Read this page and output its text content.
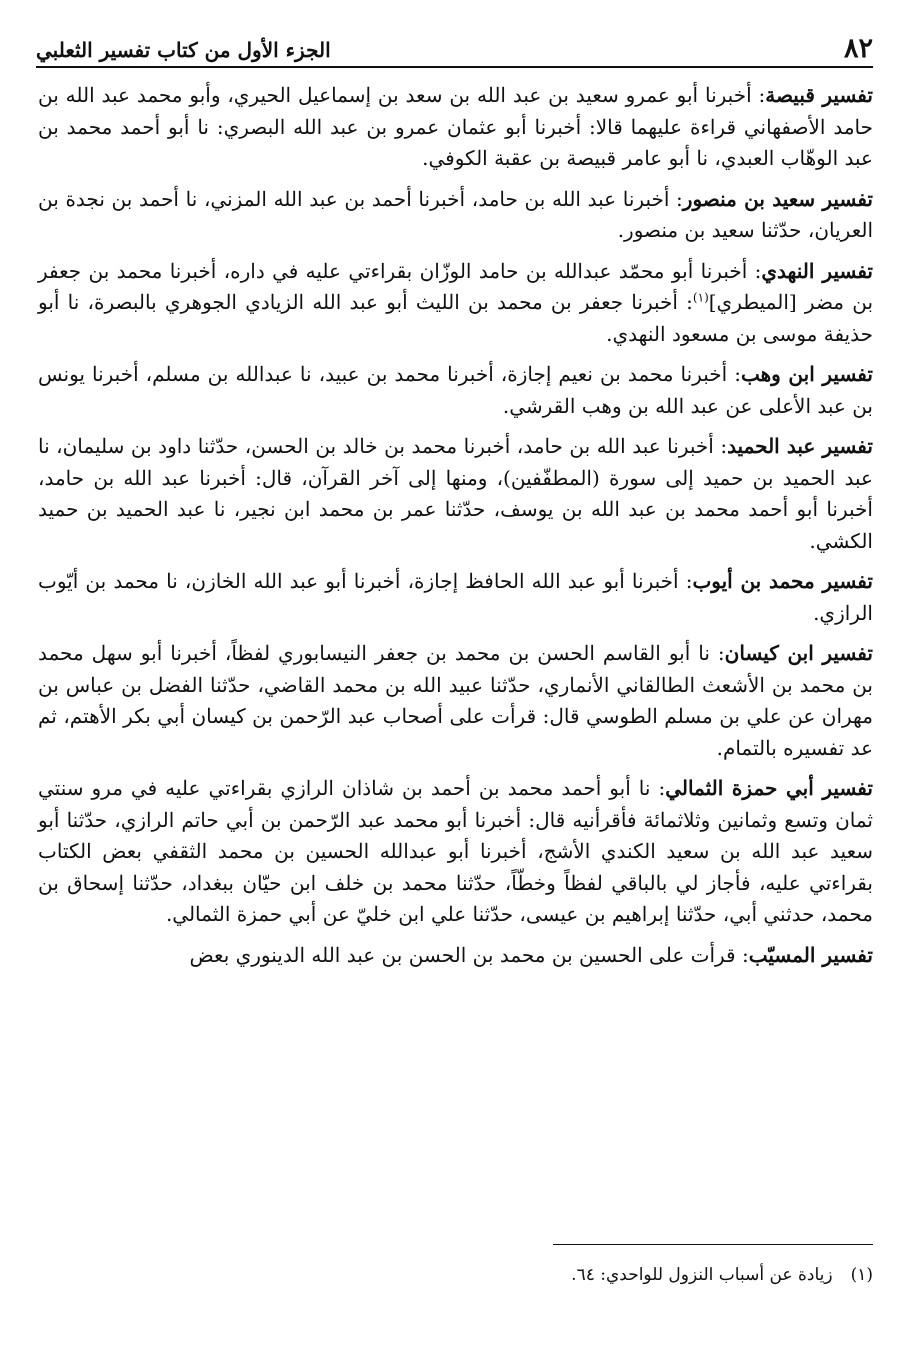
٨٢
الجزء الأول من كتاب تفسير الثعلبي

تفسير قبيصة: أخبرنا أبو عمرو سعيد بن عبد الله بن سعد بن إسماعيل الحيري، وأبو محمد عبد الله بن حامد الأصفهاني قراءة عليهما قالا: أخبرنا أبو عثمان عمرو بن عبد الله البصري: نا أبو أحمد محمد بن عبد الوهّاب العبدي، نا أبو عامر قبيصة بن عقبة الكوفي.

تفسير سعيد بن منصور: أخبرنا عبد الله بن حامد، أخبرنا أحمد بن عبد الله المزني، نا أحمد بن نجدة بن العريان، حدّثنا سعيد بن منصور.

تفسير النهدي: أخبرنا أبو محمّد عبدالله بن حامد الوزّان بقراءتي عليه في داره، أخبرنا محمد بن جعفر بن مضر [الميطري]$^{(١)}$: أخبرنا جعفر بن محمد بن الليث أبو عبد الله الزيادي الجوهري بالبصرة، نا أبو حذيفة موسى بن مسعود النهدي.

تفسير ابن وهب: أخبرنا محمد بن نعيم إجازة، أخبرنا محمد بن عبيد، نا عبدالله بن مسلم، أخبرنا يونس بن عبد الأعلى عن عبد الله بن وهب القرشي.

تفسير عبد الحميد: أخبرنا عبد الله بن حامد، أخبرنا محمد بن خالد بن الحسن، حدّثنا داود بن سليمان، نا عبد الحميد بن حميد إلى سورة (المطفّفين)، ومنها إلى آخر القرآن، قال: أخبرنا عبد الله بن حامد، أخبرنا أبو أحمد محمد بن عبد الله بن يوسف، حدّثنا عمر بن محمد ابن نجير، نا عبد الحميد بن حميد الكشي.

تفسير محمد بن أيوب: أخبرنا أبو عبد الله الحافظ إجازة، أخبرنا أبو عبد الله الخازن، نا محمد بن أيّوب الرازي.

تفسير ابن كيسان: نا أبو القاسم الحسن بن محمد بن جعفر النيسابوري لفظاً، أخبرنا أبو سهل محمد بن محمد بن الأشعث الطالقاني الأنماري، حدّثنا عبيد الله بن محمد القاضي، حدّثنا الفضل بن عباس بن مهران عن علي بن مسلم الطوسي قال: قرأت على أصحاب عبد الرّحمن بن كيسان أبي بكر الأهتم، ثم عد تفسيره بالتمام.

تفسير أبي حمزة الثمالي: نا أبو أحمد محمد بن أحمد بن شاذان الرازي بقراءتي عليه في مرو سنتي ثمان وتسع وثمانين وثلاثمائة فأقرأنيه قال: أخبرنا أبو محمد عبد الرّحمن بن أبي حاتم الرازي، حدّثنا أبو سعيد عبد الله بن سعيد الكندي الأشج، أخبرنا أبو عبدالله الحسين بن محمد الثقفي بعض الكتاب بقراءتي عليه، فأجاز لي بالباقي لفظاً وخطّاً، حدّثنا محمد بن خلف ابن حيّان ببغداد، حدّثنا إسحاق بن محمد، حدثني أبي، حدّثنا إبراهيم بن عيسى، حدّثنا علي ابن خليّ عن أبي حمزة الثمالي.

تفسير المسيّب: قرأت على الحسين بن محمد بن الحسن بن عبد الله الدينوري بعض

(١)زيادة عن أسباب النزول للواحدي: ٦٤.
